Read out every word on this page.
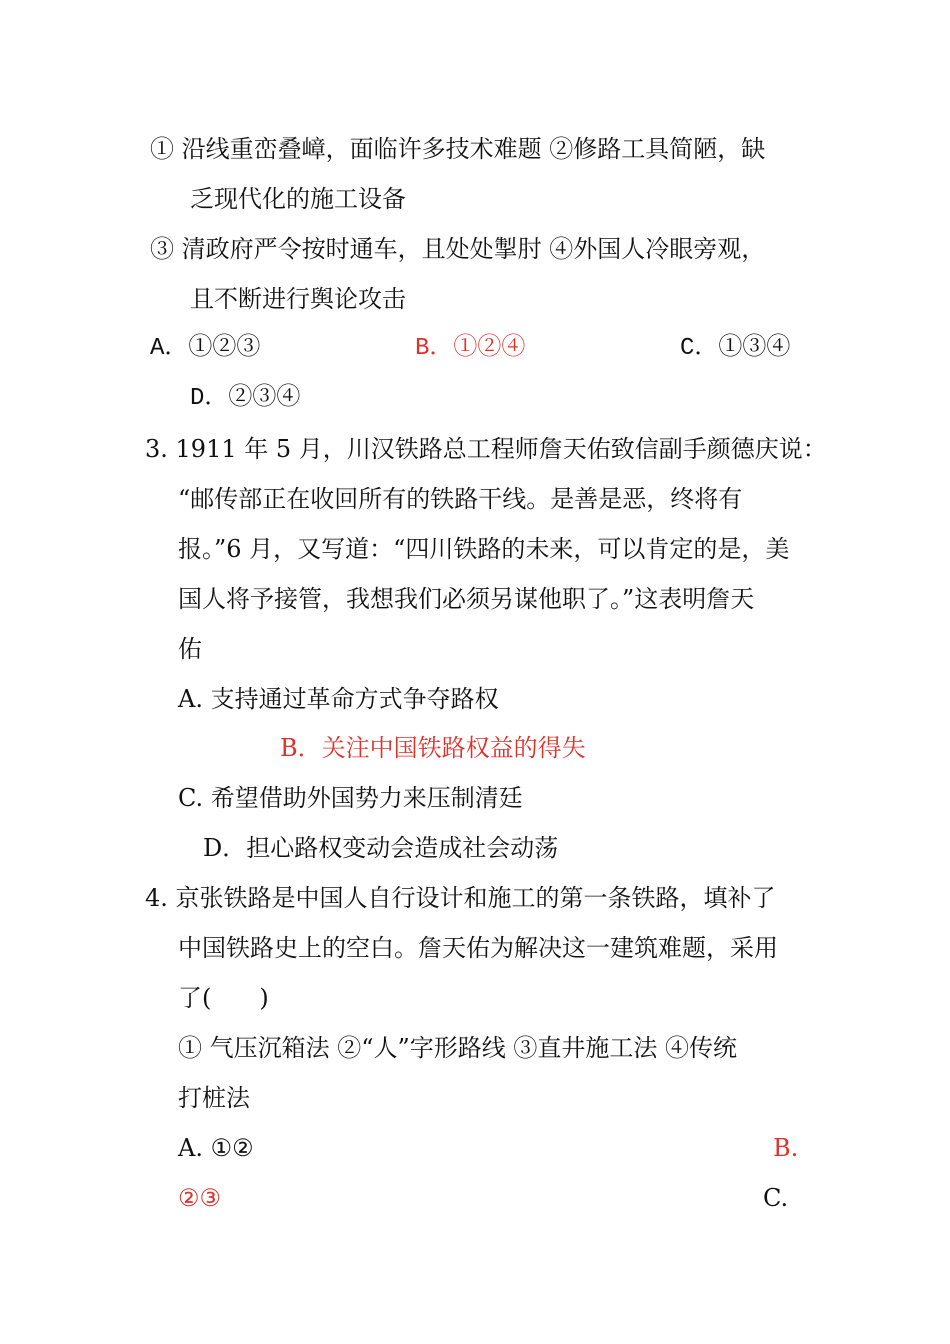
① 沿线重峦叠嶂，面临许多技术难题 ②修路工具简陋，缺
乏现代化的施工设备
③ 清政府严令按时通车，且处处掣肘 ④外国人冷眼旁观，
且不断进行舆论攻击
A．①②③	B．①②④	C．①③④
D．②③④
3. 1911 年 5 月，川汉铁路总工程师詹天佑致信副手颜德庆说：
“邮传部正在收回所有的铁路干线。是善是恶，终将有
报。”6 月，又写道：“四川铁路的未来，可以肯定的是，美
国人将予接管，我想我们必须另谋他职了。”这表明詹天
佑
A. 支持通过革命方式争夺路权
B．关注中国铁路权益的得失
C. 希望借助外国势力来压制清廷
D．担心路权变动会造成社会动荡
4. 京张铁路是中国人自行设计和施工的第一条铁路，填补了
中国铁路史上的空白。詹天佑为解决这一建筑难题，采用
了(　　)
① 气压沉箱法 ②“人”字形路线 ③直井施工法 ④传统
打桩法
A. ①②	B.
②③	C.
